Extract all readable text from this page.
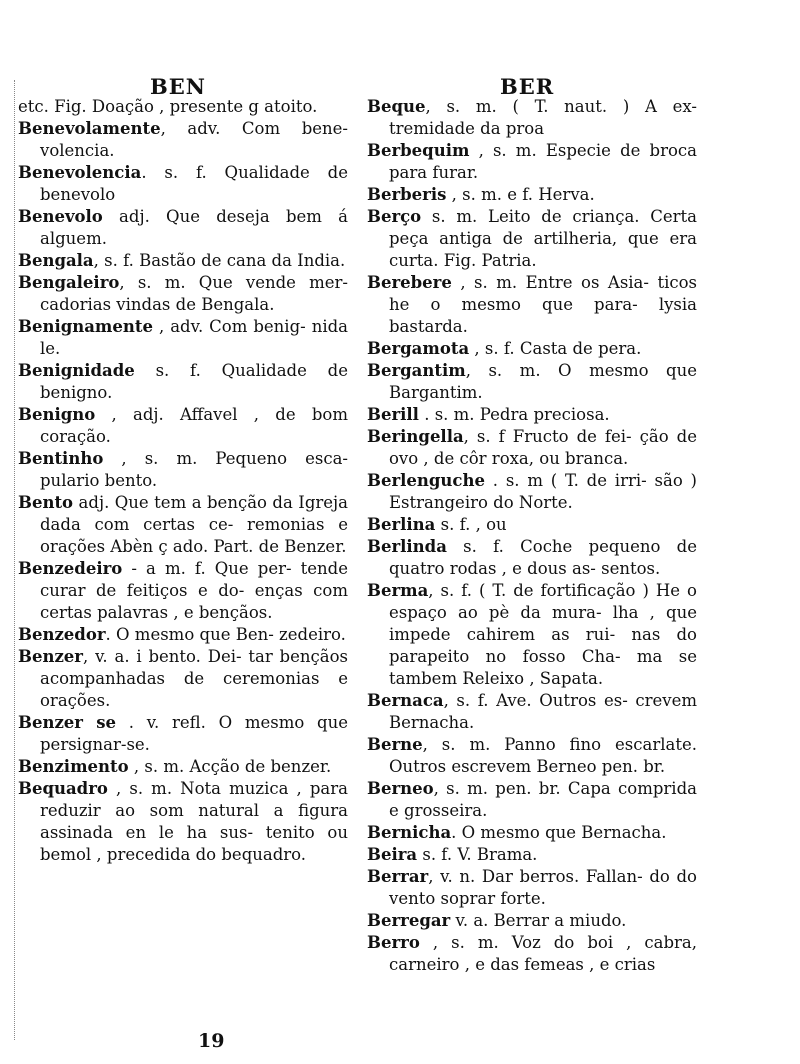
BEN	BER
etc. Fig. Doação , presente g atoito.
Benevolamente, adv. Com bene- volencia.
Benevolencia. s. f. Qualidade de benevolo
Benevolo adj. Que deseja bem á alguem.
Bengala, s. f. Bastão de cana da India.
Bengaleiro, s. m. Que vende mer- cadorias vindas de Bengala.
Benignamente , adv. Com benig- nida le.
Benignidade s. f. Qualidade de benigno.
Benigno , adj. Affavel , de bom coração.
Bentinho , s. m. Pequeno esca- pulario bento.
Bento adj. Que tem a benção da Igreja dada com certas ce- remonias e orações Abèn ç ado. Part. de Benzer.
Benzedeiro - a m. f. Que per- tende curar de feitiços e do- enças com certas palavras , e bençãos.
Benzedor. O mesmo que Ben- zedeiro.
Benzer, v. a. i bento. Dei- tar bençãos acompanhadas de ceremonias e orações.
Benzer se . v. refl. O mesmo que persignar-se.
Benzimento , s. m. Acção de benzer.
Bequadro , s. m. Nota muzica , para reduzir ao som natural a figura assinada en le ha sus- tenito ou bemol , precedida do bequadro.
Beque, s. m. ( T. naut. ) A ex- tremidade da proa
Berbequim , s. m. Especie de broca para furar.
Berberis , s. m. e f. Herva.
Berço s. m. Leito de criança. Certa peça antiga de artilheria, que era curta. Fig. Patria.
Berebere , s. m. Entre os Asia- ticos he o mesmo que para- lysia bastarda.
Bergamota , s. f. Casta de pera.
Bergantim, s. m. O mesmo que Bargantim.
Berill . s. m. Pedra preciosa.
Beringella, s. f Fructo de fei- ção de ovo , de côr roxa, ou branca.
Berlenguche . s. m ( T. de irri- são ) Estrangeiro do Norte.
Berlina s. f. , ou
Berlinda s. f. Coche pequeno de quatro rodas , e dous as- sentos.
Berma, s. f. ( T. de fortificação ) He o espaço ao pè da mura- lha , que impede cahirem as rui- nas do parapeito no fosso Cha- ma se tambem Releixo , Sapata.
Bernaca, s. f. Ave. Outros es- crevem Bernacha.
Berne, s. m. Panno fino escarlate. Outros escrevem Berneo pen. br.
Berneo, s. m. pen. br. Capa comprida e grosseira.
Bernicha. O mesmo que Bernacha.
Beira s. f. V. Brama.
Berrar, v. n. Dar berros. Fallan- do do vento soprar forte.
Berregar v. a. Berrar a miudo.
Berro , s. m. Voz do boi , cabra, carneiro , e das femeas , e crias
19
